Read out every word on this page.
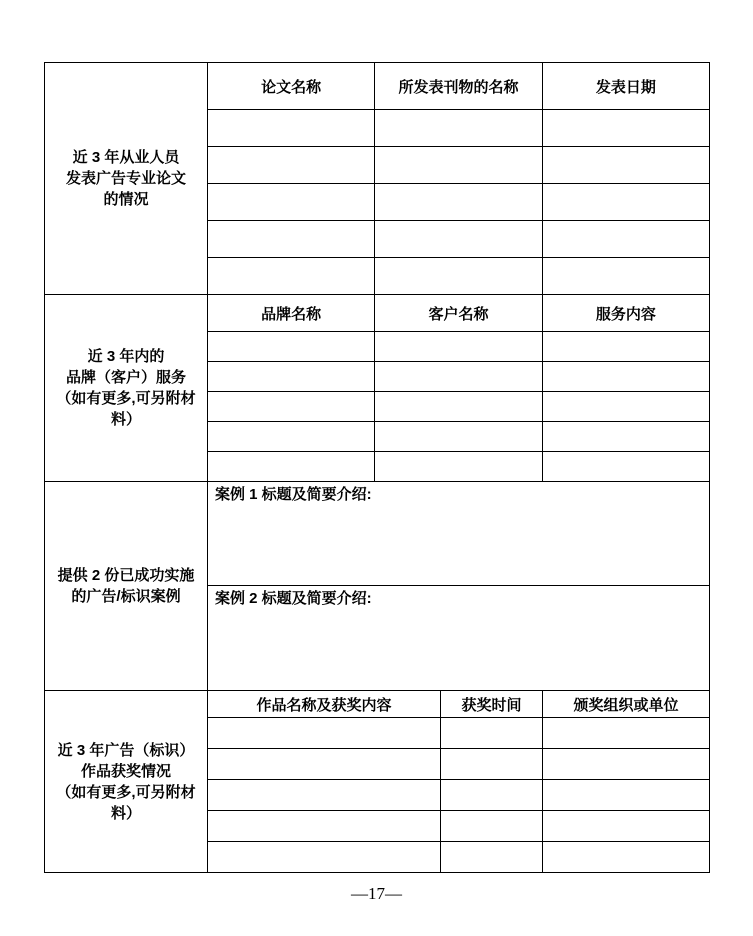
近 3 年从业人员
发表广告专业论文
的情况
论文名称	所发表刊物的名称	发表日期
近 3 年内的
品牌（客户）服务
（如有更多,可另附材
料）
品牌名称	客户名称	服务内容
提供 2 份已成功实施
的广告/标识案例
案例 1 标题及简要介绍:
案例 2 标题及简要介绍:
近 3 年广告（标识）
作品获奖情况
（如有更多,可另附材
料）
作品名称及获奖内容	获奖时间	颁奖组织或单位
—17—
